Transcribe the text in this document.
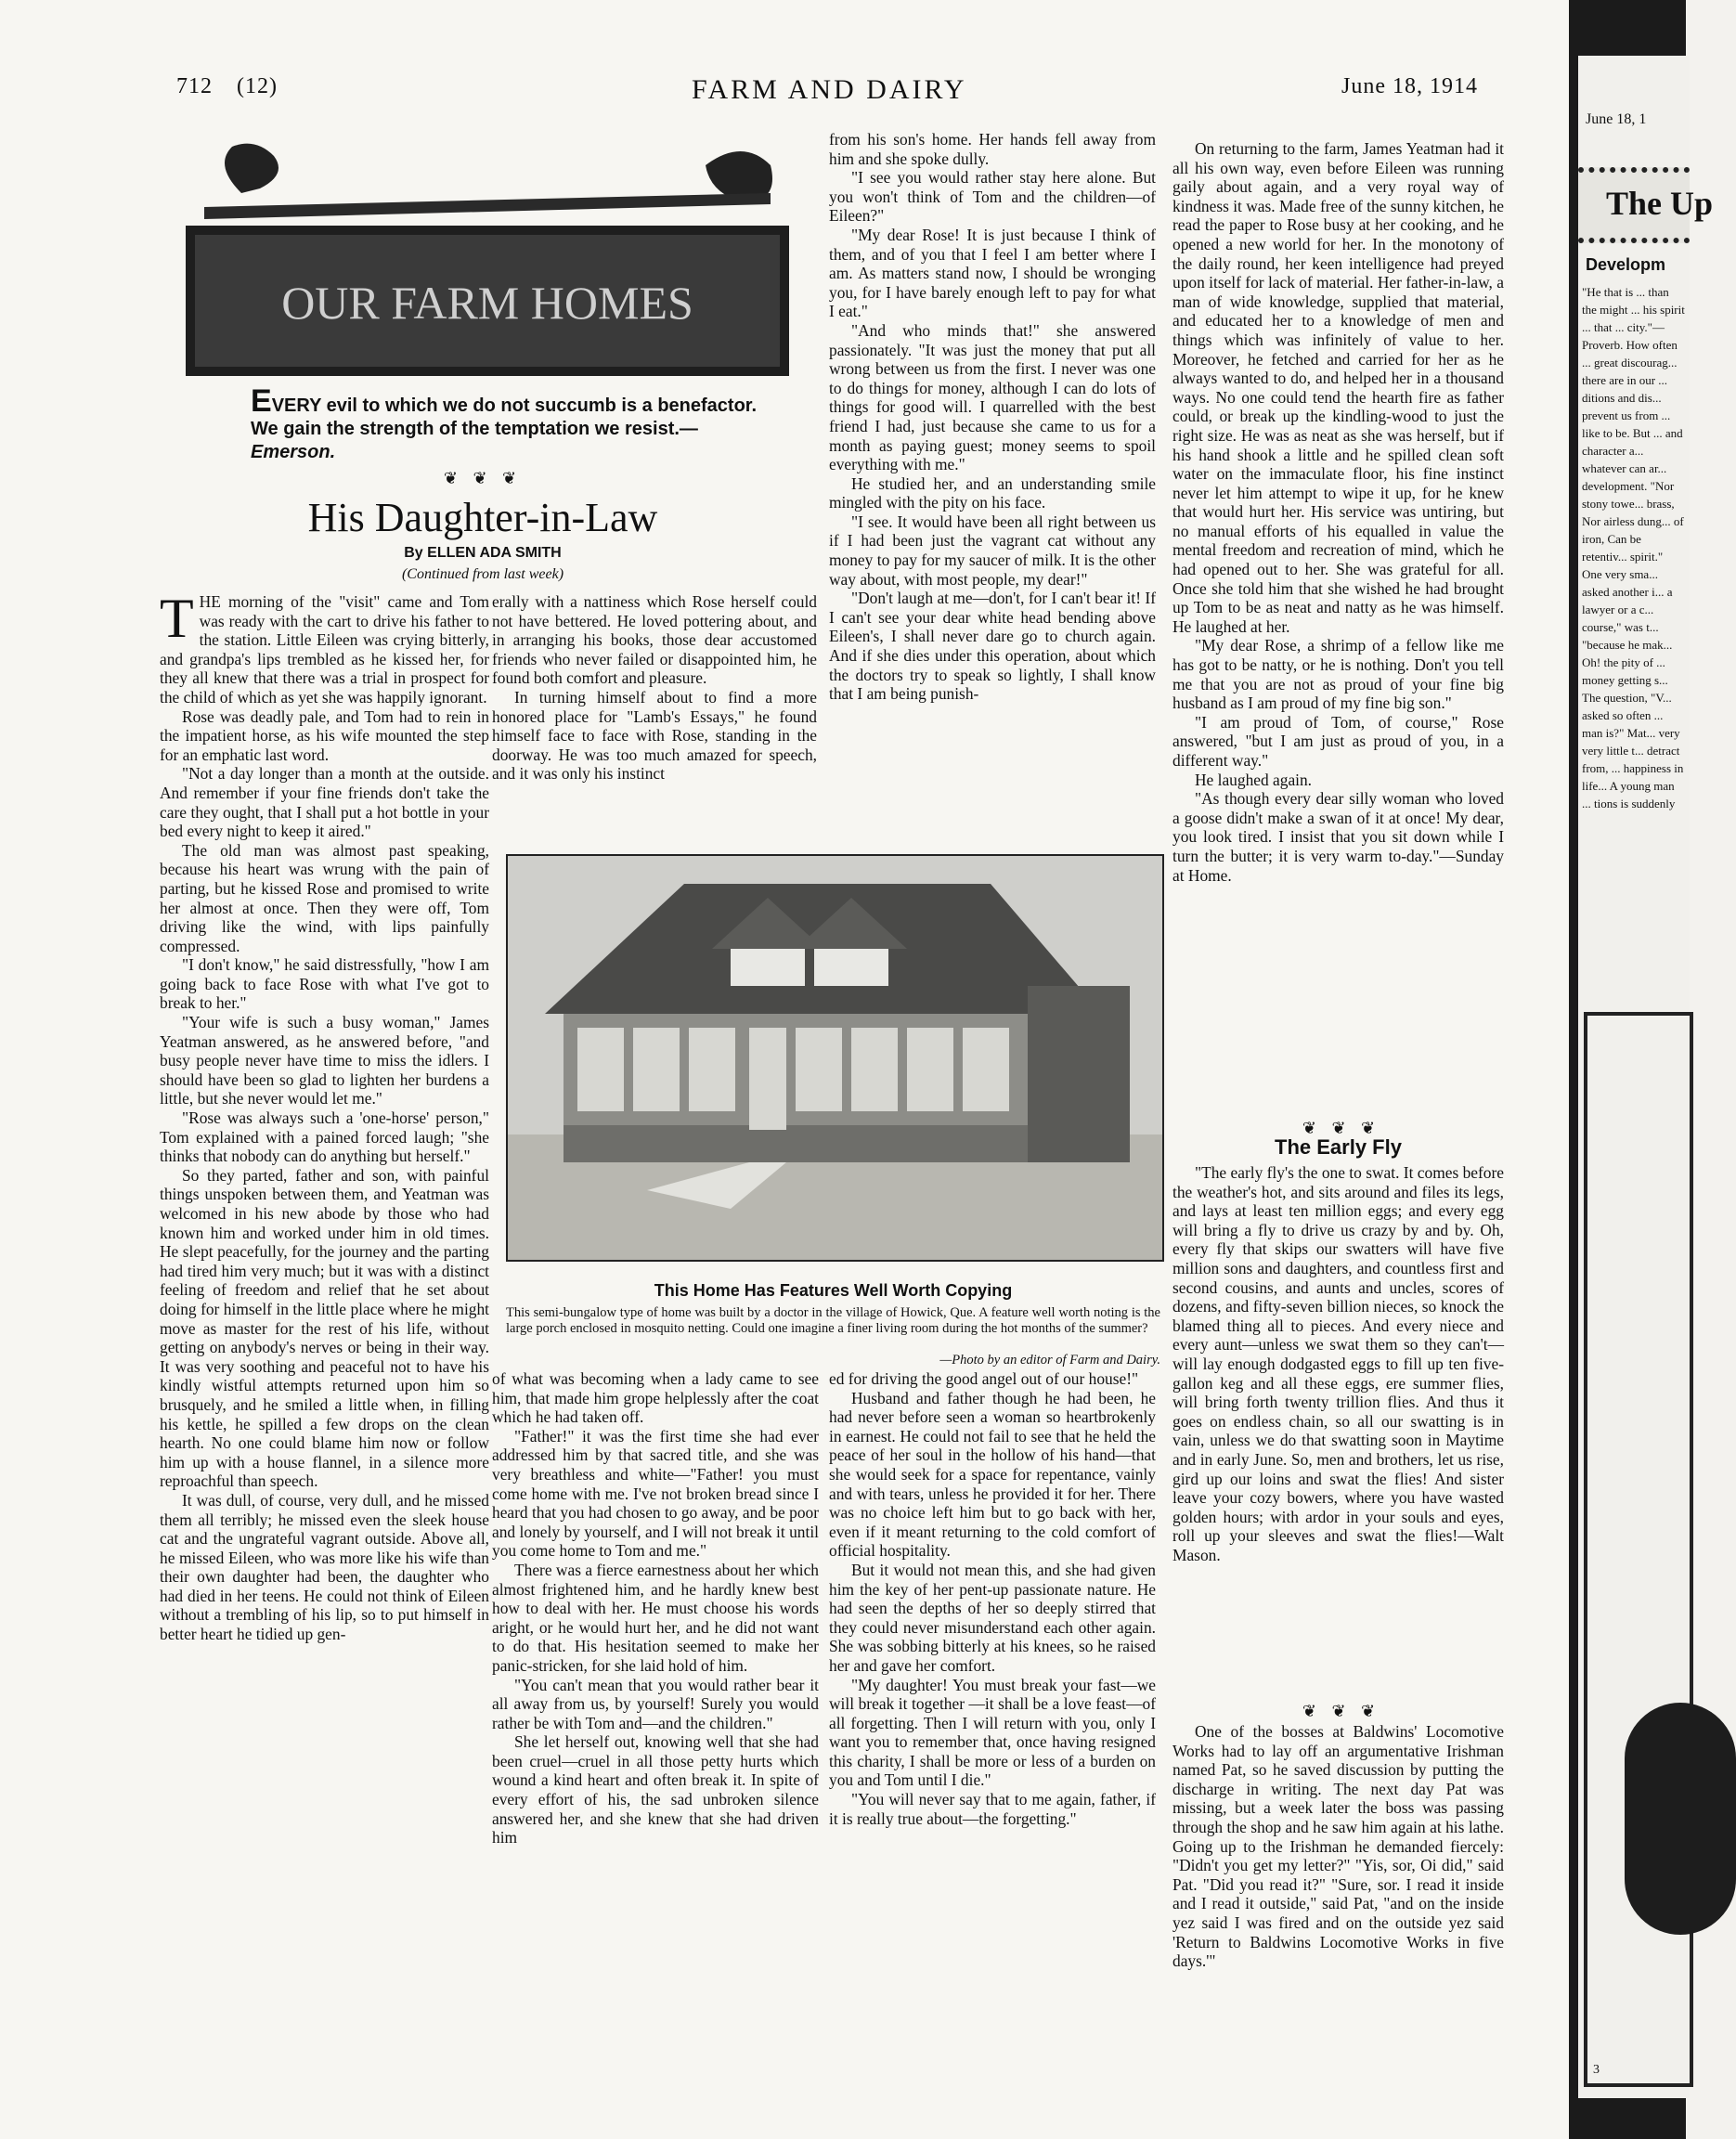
712 (12)	FARM AND DAIRY	June 18, 1914
OUR FARM HOMES
EVERY evil to which we do not succumb is a benefactor. We gain the strength of the temptation we resist.—Emerson.
❦ ❦ ❦
His Daughter-in-Law
By ELLEN ADA SMITH
(Continued from last week)

THE morning of the "visit" came and Tom was ready with the cart to drive his father to the station. Little Eileen was crying bitterly, and grandpa's lips trembled as he kissed her, for they all knew that there was a trial in prospect for the child of which as yet she was happily ignorant.

Rose was deadly pale, and Tom had to rein in the impatient horse, as his wife mounted the step for an emphatic last word.

"Not a day longer than a month at the outside. And remember if your fine friends don't take the care they ought, that I shall put a hot bottle in your bed every night to keep it aired."

The old man was almost past speaking, because his heart was wrung with the pain of parting, but he kissed Rose and promised to write her almost at once. Then they were off, Tom driving like the wind, with lips painfully compressed.

"I don't know," he said distressfully, "how I am going back to face Rose with what I've got to break to her."

"Your wife is such a busy woman," James Yeatman answered, as he answered before, "and busy people never have time to miss the idlers. I should have been so glad to lighten her burdens a little, but she never would let me."

"Rose was always such a 'one-horse' person," Tom explained with a pained forced laugh; "she thinks that nobody can do anything but herself."

So they parted, father and son, with painful things unspoken between them, and Yeatman was welcomed in his new abode by those who had known him and worked under him in old times. He slept peacefully, for the journey and the parting had tired him very much; but it was with a distinct feeling of freedom and relief that he set about doing for himself in the little place where he might move as master for the rest of his life, without getting on anybody's nerves or being in their way. It was very soothing and peaceful not to have his kindly wistful attempts returned upon him so brusquely, and he smiled a little when, in filling his kettle, he spilled a few drops on the clean hearth. No one could blame him now or follow him up with a house flannel, in a silence more reproachful than speech.

It was dull, of course, very dull, and he missed them all terribly; he missed even the sleek house cat and the ungrateful vagrant outside. Above all, he missed Eileen, who was more like his wife than their own daughter had been, the daughter who had died in her teens. He could not think of Eileen without a trembling of his lip, so to put himself in better heart he tidied up gen-

erally with a nattiness which Rose herself could not have bettered. He loved pottering about, and in arranging his books, those dear accustomed friends who never failed or disappointed him, he found both comfort and pleasure.

In turning himself about to find a more honored place for "Lamb's Essays," he found himself face to face with Rose, standing in the doorway. He was too much amazed for speech, and it was only his instinct

from his son's home. Her hands fell away from him and she spoke dully.

"I see you would rather stay here alone. But you won't think of Tom and the children—of Eileen?"

"My dear Rose! It is just because I think of them, and of you that I feel I am better where I am. As matters stand now, I should be wronging you, for I have barely enough left to pay for what I eat."

"And who minds that!" she answered passionately. "It was just the money that put all wrong between us from the first. I never was one to do things for money, although I can do lots of things for good will. I quarrelled with the best friend I had, just because she came to us for a month as paying guest; money seems to spoil everything with me."

He studied her, and an understanding smile mingled with the pity on his face.

"I see. It would have been all right between us if I had been just the vagrant cat without any money to pay for my saucer of milk. It is the other way about, with most people, my dear!"

"Don't laugh at me—don't, for I can't bear it! If I can't see your dear white head bending above Eileen's, I shall never dare go to church again. And if she dies under this operation, about which the doctors try to speak so lightly, I shall know that I am being punish-

This Home Has Features Well Worth Copying
This semi-bungalow type of home was built by a doctor in the village of Howick, Que. A feature well worth noting is the large porch enclosed in mosquito netting. Could one imagine a finer living room during the hot months of the summer?
—Photo by an editor of Farm and Dairy.

of what was becoming when a lady came to see him, that made him grope helplessly after the coat which he had taken off.

"Father!" it was the first time she had ever addressed him by that sacred title, and she was very breathless and white—"Father! you must come home with me. I've not broken bread since I heard that you had chosen to go away, and be poor and lonely by yourself, and I will not break it until you come home to Tom and me."

There was a fierce earnestness about her which almost frightened him, and he hardly knew best how to deal with her. He must choose his words aright, or he would hurt her, and he did not want to do that. His hesitation seemed to make her panic-stricken, for she laid hold of him.

"You can't mean that you would rather bear it all away from us, by yourself! Surely you would rather be with Tom and—and the children."

She let herself out, knowing well that she had been cruel—cruel in all those petty hurts which wound a kind heart and often break it. In spite of every effort of his, the sad unbroken silence answered her, and she knew that she had driven him

ed for driving the good angel out of our house!"

Husband and father though he had been, he had never before seen a woman so heartbrokenly in earnest. He could not fail to see that he held the peace of her soul in the hollow of his hand—that she would seek for a space for repentance, vainly and with tears, unless he provided it for her. There was no choice left him but to go back with her, even if it meant returning to the cold comfort of official hospitality.

But it would not mean this, and she had given him the key of her pent-up passionate nature. He had seen the depths of her so deeply stirred that they could never misunderstand each other again. She was sobbing bitterly at his knees, so he raised her and gave her comfort.

"My daughter! You must break your fast—we will break it together —it shall be a love feast—of all forgetting. Then I will return with you, only I want you to remember that, once having resigned this charity, I shall be more or less of a burden on you and Tom until I die."

"You will never say that to me again, father, if it is really true about—the forgetting."

On returning to the farm, James Yeatman had it all his own way, even before Eileen was running gaily about again, and a very royal way of kindness it was. Made free of the sunny kitchen, he read the paper to Rose busy at her cooking, and he opened a new world for her. In the monotony of the daily round, her keen intelligence had preyed upon itself for lack of material. Her father-in-law, a man of wide knowledge, supplied that material, and educated her to a knowledge of men and things which was infinitely of value to her. Moreover, he fetched and carried for her as he always wanted to do, and helped her in a thousand ways. No one could tend the hearth fire as father could, or break up the kindling-wood to just the right size. He was as neat as she was herself, but if his hand shook a little and he spilled clean soft water on the immaculate floor, his fine instinct never let him attempt to wipe it up, for he knew that would hurt her. His service was untiring, but no manual efforts of his equalled in value the mental freedom and recreation of mind, which he had opened out to her. She was grateful for all. Once she told him that she wished he had brought up Tom to be as neat and natty as he was himself. He laughed at her.

"My dear Rose, a shrimp of a fellow like me has got to be natty, or he is nothing. Don't you tell me that you are not as proud of your fine big husband as I am proud of my fine big son."

"I am proud of Tom, of course," Rose answered, "but I am just as proud of you, in a different way."

He laughed again.

"As though every dear silly woman who loved a goose didn't make a swan of it at once! My dear, you look tired. I insist that you sit down while I turn the butter; it is very warm to-day."—Sunday at Home.

❦ ❦ ❦
The Early Fly

"The early fly's the one to swat. It comes before the weather's hot, and sits around and files its legs, and lays at least ten million eggs; and every egg will bring a fly to drive us crazy by and by. Oh, every fly that skips our swatters will have five million sons and daughters, and countless first and second cousins, and aunts and uncles, scores of dozens, and fifty-seven billion nieces, so knock the blamed thing all to pieces. And every niece and every aunt—unless we swat them so they can't—will lay enough dodgasted eggs to fill up ten five-gallon keg and all these eggs, ere summer flies, will bring forth twenty trillion flies. And thus it goes on endless chain, so all our swatting is in vain, unless we do that swatting soon in Maytime and in early June. So, men and brothers, let us rise, gird up our loins and swat the flies! And sister leave your cozy bowers, where you have wasted golden hours; with ardor in your souls and eyes, roll up your sleeves and swat the flies!—Walt Mason.

❦ ❦ ❦

One of the bosses at Baldwins' Locomotive Works had to lay off an argumentative Irishman named Pat, so he saved discussion by putting the discharge in writing. The next day Pat was missing, but a week later the boss was passing through the shop and he saw him again at his lathe. Going up to the Irishman he demanded fiercely: "Didn't you get my letter?" "Yis, sor, Oi did," said Pat. "Did you read it?" "Sure, sor. I read it inside and I read it outside," said Pat, "and on the inside yez said I was fired and on the outside yez said 'Return to Baldwins Locomotive Works in five days.'"

June 18, 1
The Up
Developm
"He that is ... than the might ... his spirit ... that ... city."—Proverb. How often ... great discourag... there are in our ... ditions and dis... prevent us from ... like to be. But ... and character a... whatever can ar... development. "Nor stony towe... brass, Nor airless dung... of iron, Can be retentiv... spirit." One very sma... asked another i... a lawyer or a c... course," was t... "because he mak... Oh! the pity of ... money getting s... The question, "V... asked so often ... man is?" Mat... very very little t... detract from, ... happiness in life... A young man ... tions is suddenly
3
